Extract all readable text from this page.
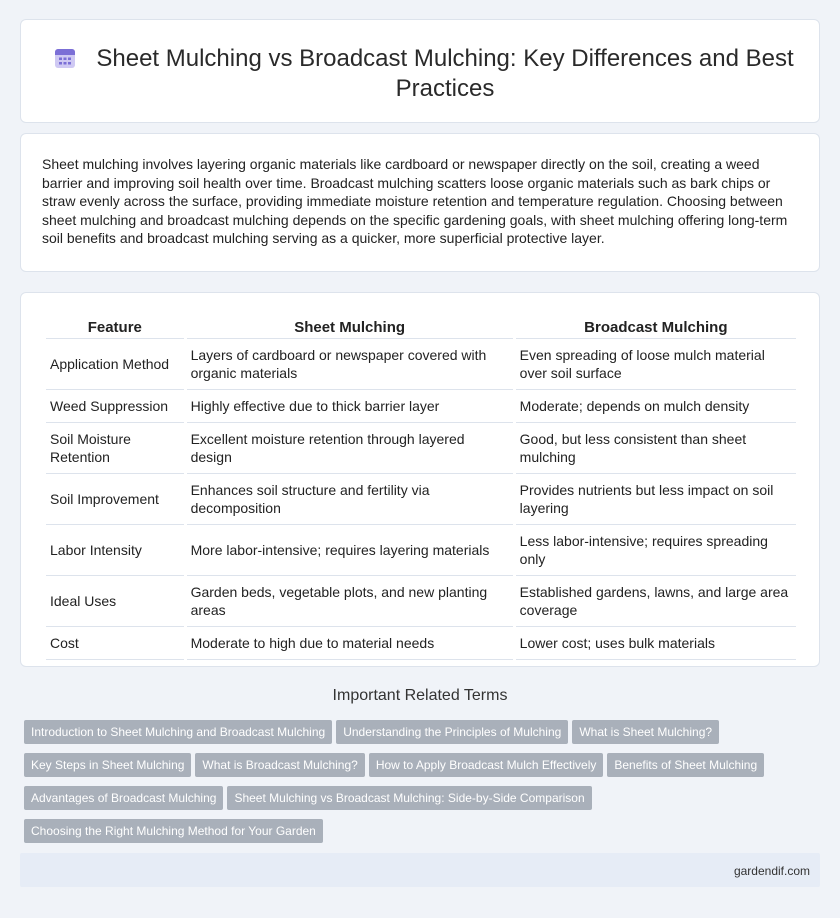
Sheet Mulching vs Broadcast Mulching: Key Differences and Best Practices

Sheet mulching involves layering organic materials like cardboard or newspaper directly on the soil, creating a weed barrier and improving soil health over time. Broadcast mulching scatters loose organic materials such as bark chips or straw evenly across the surface, providing immediate moisture retention and temperature regulation. Choosing between sheet mulching and broadcast mulching depends on the specific gardening goals, with sheet mulching offering long-term soil benefits and broadcast mulching serving as a quicker, more superficial protective layer.

Feature	Sheet Mulching	Broadcast Mulching
Application Method	Layers of cardboard or newspaper covered with organic materials	Even spreading of loose mulch material over soil surface
Weed Suppression	Highly effective due to thick barrier layer	Moderate; depends on mulch density
Soil Moisture Retention	Excellent moisture retention through layered design	Good, but less consistent than sheet mulching
Soil Improvement	Enhances soil structure and fertility via decomposition	Provides nutrients but less impact on soil layering
Labor Intensity	More labor-intensive; requires layering materials	Less labor-intensive; requires spreading only
Ideal Uses	Garden beds, vegetable plots, and new planting areas	Established gardens, lawns, and large area coverage
Cost	Moderate to high due to material needs	Lower cost; uses bulk materials
Important Related Terms
Introduction to Sheet Mulching and Broadcast Mulching Understanding the Principles of Mulching What is Sheet Mulching?
Key Steps in Sheet Mulching What is Broadcast Mulching? How to Apply Broadcast Mulch Effectively Benefits of Sheet Mulching
Advantages of Broadcast Mulching Sheet Mulching vs Broadcast Mulching: Side-by-Side Comparison
Choosing the Right Mulching Method for Your Garden
gardendif.com
